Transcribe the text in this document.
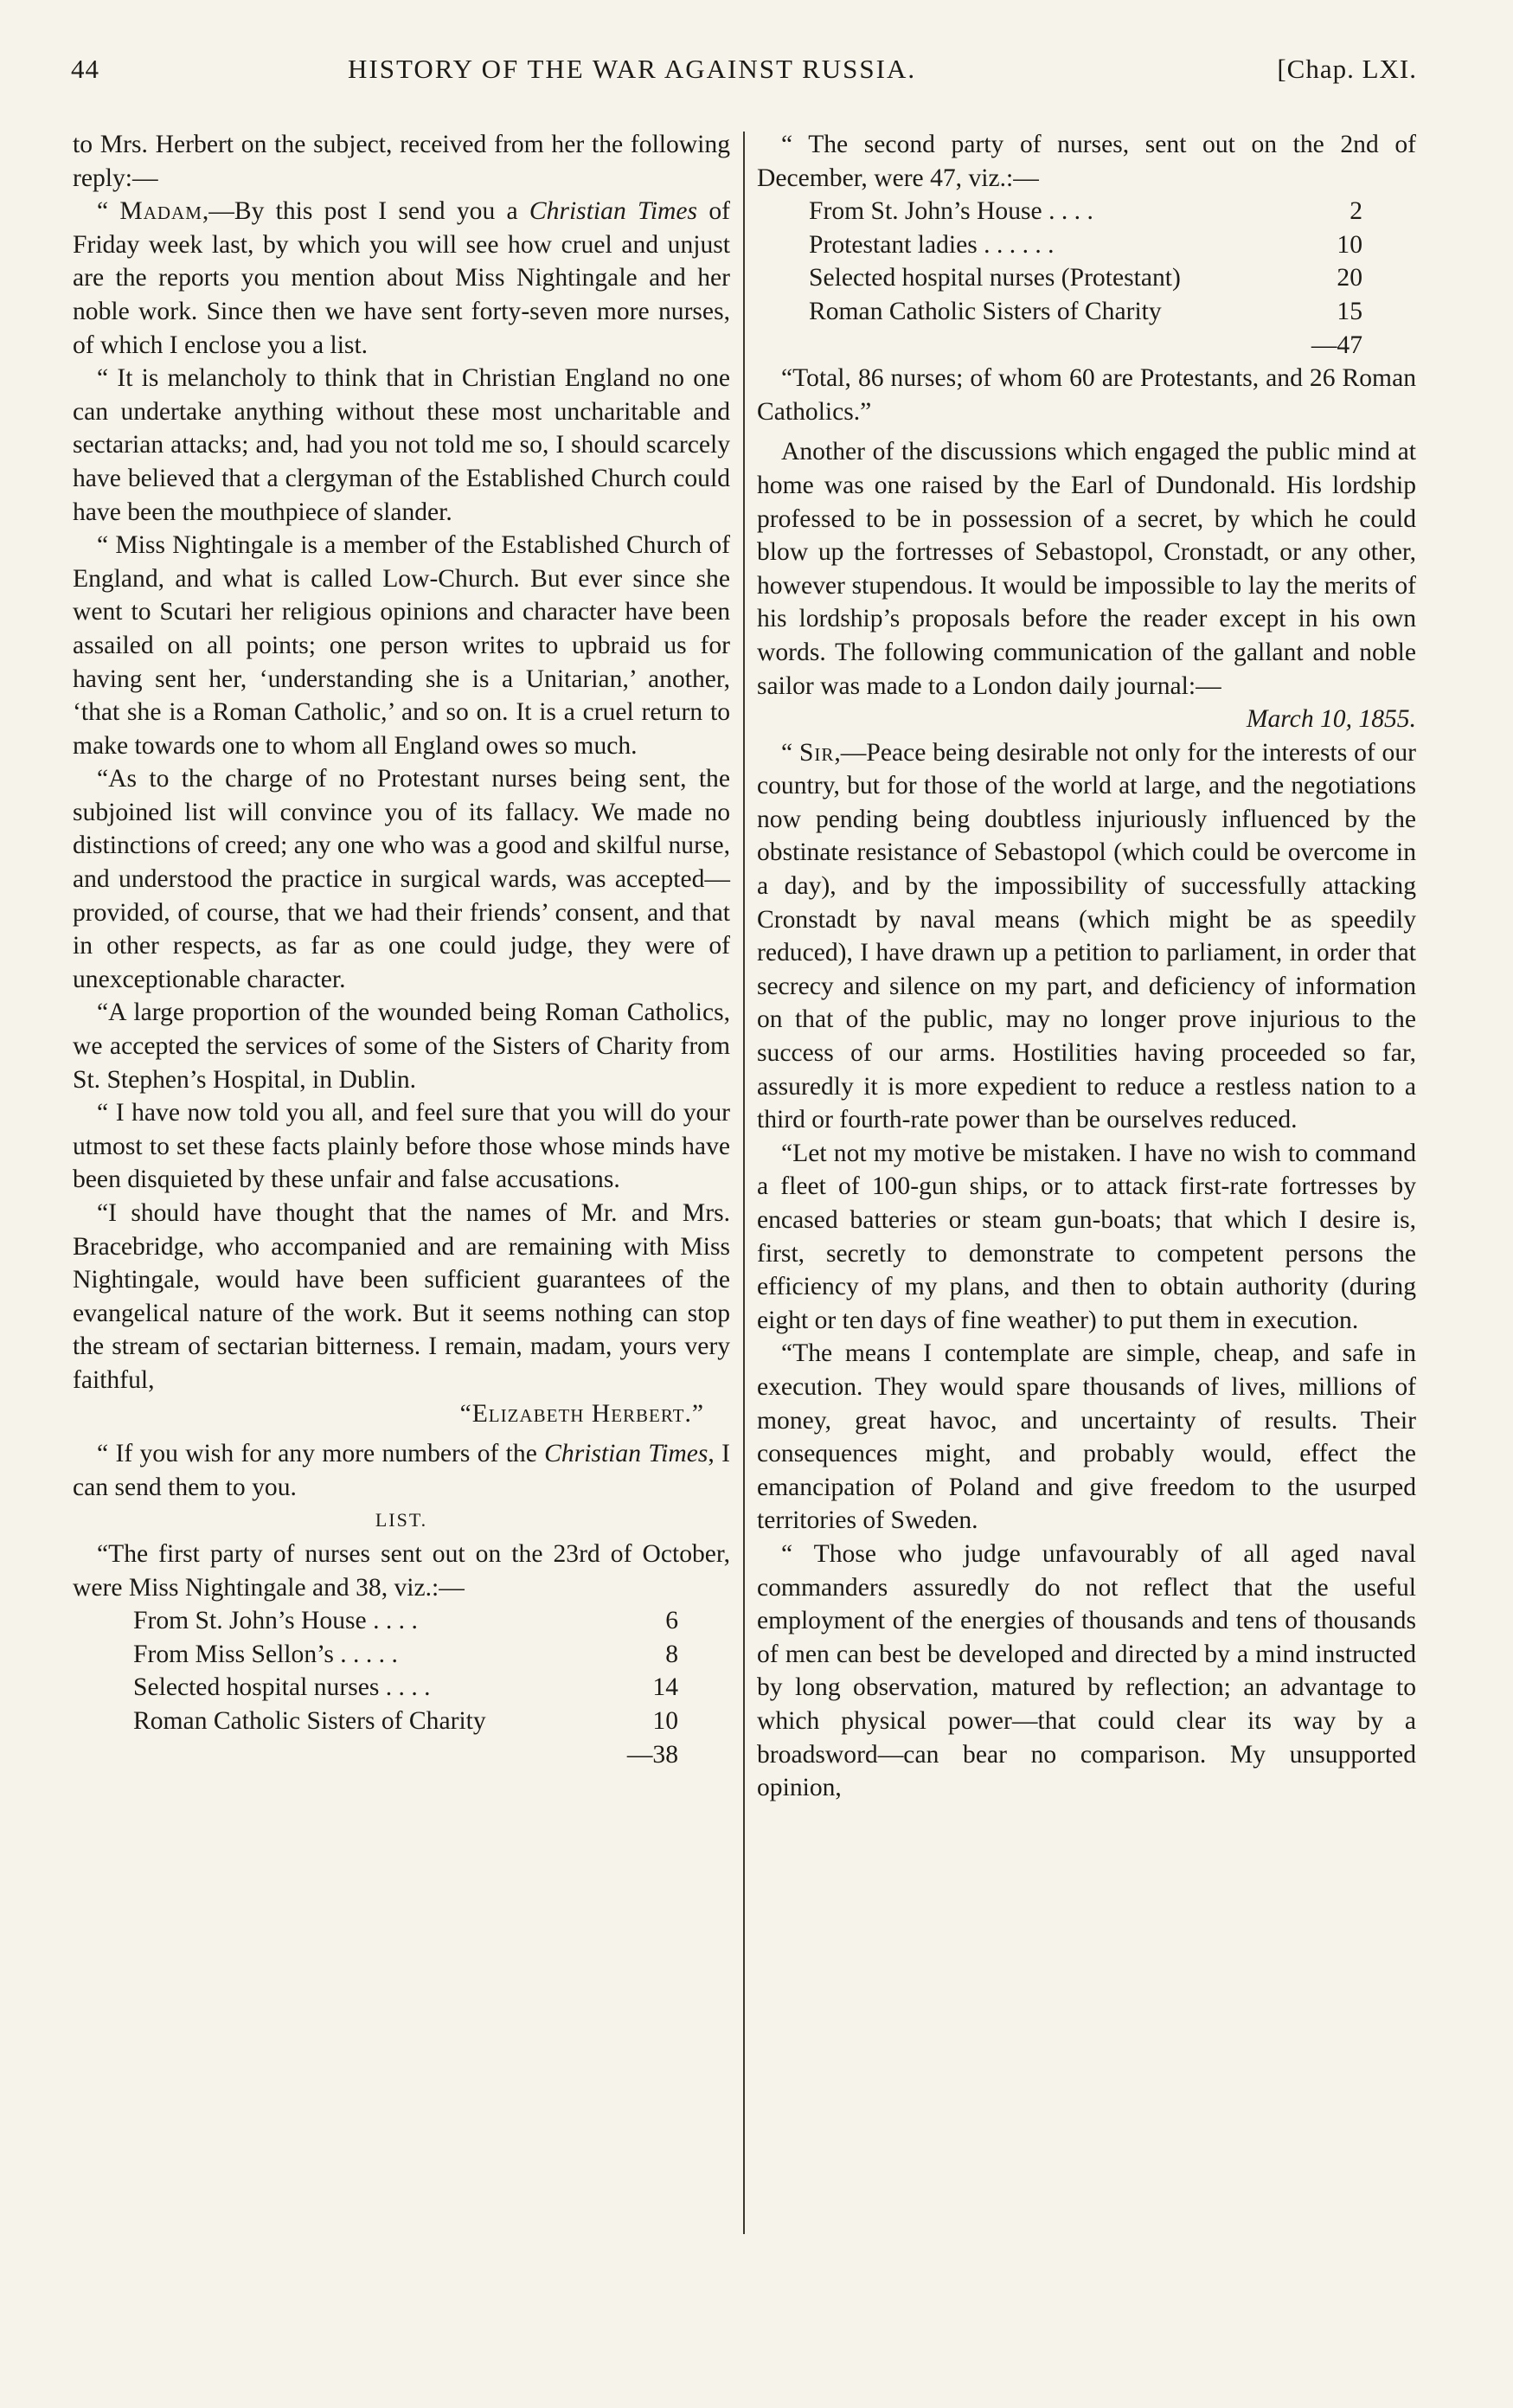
44	HISTORY OF THE WAR AGAINST RUSSIA.	[Chap. LXI.

to Mrs. Herbert on the subject, received from her the following reply:—

“ Madam,—By this post I send you a Christian Times of Friday week last, by which you will see how cruel and unjust are the reports you mention about Miss Nightingale and her noble work. Since then we have sent forty-seven more nurses, of which I enclose you a list.

“ It is melancholy to think that in Christian England no one can undertake anything without these most uncharitable and sectarian attacks; and, had you not told me so, I should scarcely have believed that a clergyman of the Established Church could have been the mouthpiece of slander.

“ Miss Nightingale is a member of the Established Church of England, and what is called Low-Church. But ever since she went to Scutari her religious opinions and character have been assailed on all points; one person writes to upbraid us for having sent her, ‘understanding she is a Unitarian,’ another, ‘that she is a Roman Catholic,’ and so on. It is a cruel return to make towards one to whom all England owes so much.

“As to the charge of no Protestant nurses being sent, the subjoined list will convince you of its fallacy. We made no distinctions of creed; any one who was a good and skilful nurse, and understood the practice in surgical wards, was accepted—provided, of course, that we had their friends’ consent, and that in other respects, as far as one could judge, they were of unexceptionable character.

“A large proportion of the wounded being Roman Catholics, we accepted the services of some of the Sisters of Charity from St. Stephen’s Hospital, in Dublin.

“ I have now told you all, and feel sure that you will do your utmost to set these facts plainly before those whose minds have been disquieted by these unfair and false accusations.

“I should have thought that the names of Mr. and Mrs. Bracebridge, who accompanied and are remaining with Miss Nightingale, would have been sufficient guarantees of the evangelical nature of the work. But it seems nothing can stop the stream of sectarian bitterness. I remain, madam, yours very faithful,

“Elizabeth Herbert.”

“ If you wish for any more numbers of the Christian Times, I can send them to you.

LIST.

“The first party of nurses sent out on the 23rd of October, were Miss Nightingale and 38, viz.:—

From St. John’s House . . . .	6
From Miss Sellon’s . . . . .	8
Selected hospital nurses . . . .	14
Roman Catholic Sisters of Charity	10
—38

“ The second party of nurses, sent out on the 2nd of December, were 47, viz.:—

From St. John’s House . . . .	2
Protestant ladies . . . . . .	10
Selected hospital nurses (Protestant)	20
Roman Catholic Sisters of Charity	15
—47

“Total, 86 nurses; of whom 60 are Protestants, and 26 Roman Catholics.”

Another of the discussions which engaged the public mind at home was one raised by the Earl of Dundonald. His lordship professed to be in possession of a secret, by which he could blow up the fortresses of Sebastopol, Cronstadt, or any other, however stupendous. It would be impossible to lay the merits of his lordship’s proposals before the reader except in his own words. The following communication of the gallant and noble sailor was made to a London daily journal:—

March 10, 1855.

“ Sir,—Peace being desirable not only for the interests of our country, but for those of the world at large, and the negotiations now pending being doubtless injuriously influenced by the obstinate resistance of Sebastopol (which could be overcome in a day), and by the impossibility of successfully attacking Cronstadt by naval means (which might be as speedily reduced), I have drawn up a petition to parliament, in order that secrecy and silence on my part, and deficiency of information on that of the public, may no longer prove injurious to the success of our arms. Hostilities having proceeded so far, assuredly it is more expedient to reduce a restless nation to a third or fourth-rate power than be ourselves reduced.

“Let not my motive be mistaken. I have no wish to command a fleet of 100-gun ships, or to attack first-rate fortresses by encased batteries or steam gun-boats; that which I desire is, first, secretly to demonstrate to competent persons the efficiency of my plans, and then to obtain authority (during eight or ten days of fine weather) to put them in execution.

“The means I contemplate are simple, cheap, and safe in execution. They would spare thousands of lives, millions of money, great havoc, and uncertainty of results. Their consequences might, and probably would, effect the emancipation of Poland and give freedom to the usurped territories of Sweden.

“ Those who judge unfavourably of all aged naval commanders assuredly do not reflect that the useful employment of the energies of thousands and tens of thousands of men can best be developed and directed by a mind instructed by long observation, matured by reflection; an advantage to which physical power—that could clear its way by a broadsword—can bear no comparison. My unsupported opinion,
